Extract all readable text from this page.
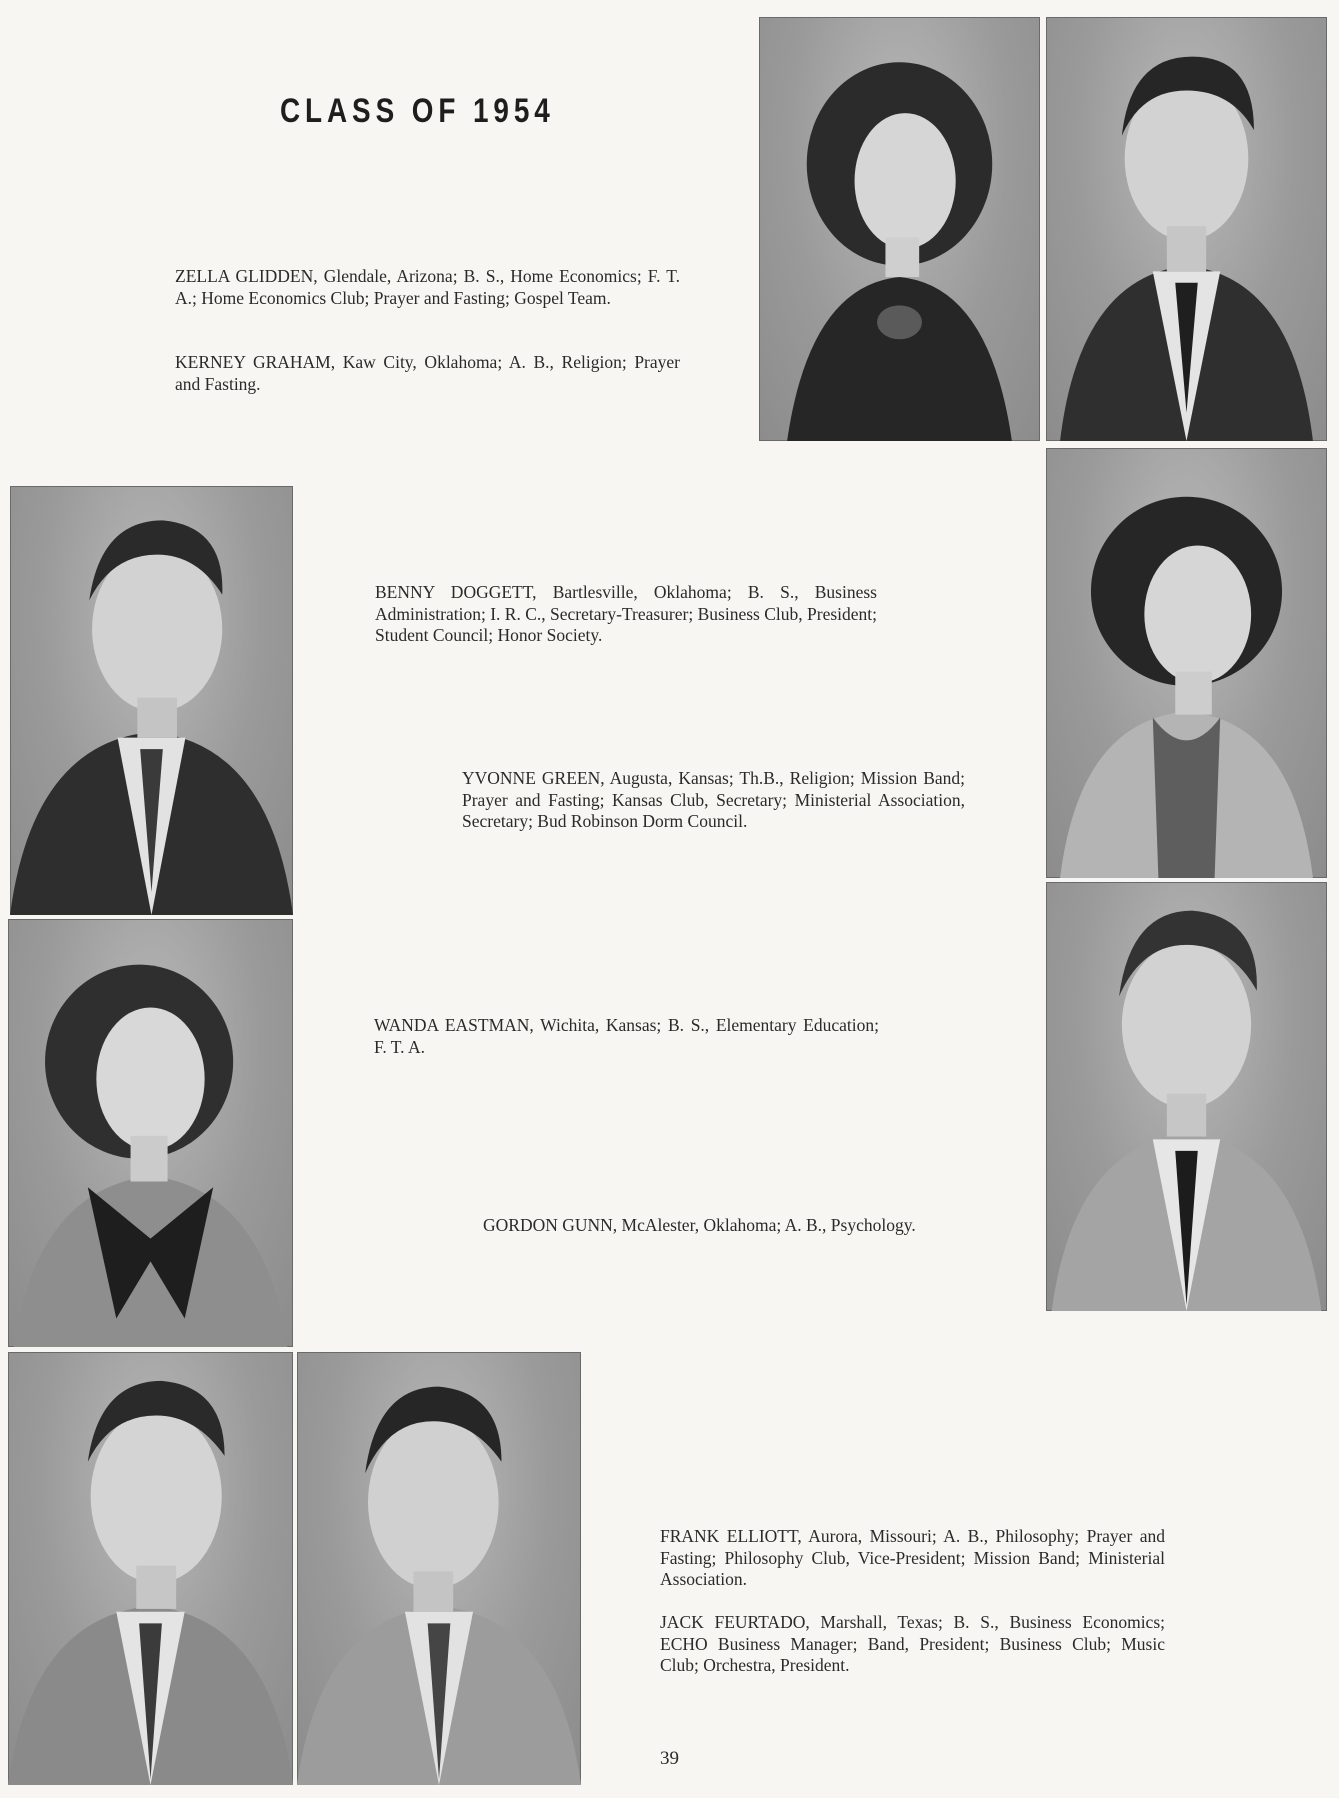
CLASS OF 1954

ZELLA GLIDDEN, Glendale, Arizona; B. S., Home Economics; F. T. A.; Home Economics Club; Prayer and Fasting; Gospel Team.

KERNEY GRAHAM, Kaw City, Oklahoma; A. B., Religion; Prayer and Fasting.

BENNY DOGGETT, Bartlesville, Oklahoma; B. S., Business Administration; I. R. C., Secretary-Treasurer; Business Club, President; Student Council; Honor Society.

YVONNE GREEN, Augusta, Kansas; Th.B., Religion; Mission Band; Prayer and Fasting; Kansas Club, Secretary; Ministerial Association, Secretary; Bud Robinson Dorm Council.

WANDA EASTMAN, Wichita, Kansas; B. S., Elementary Education; F. T. A.

GORDON GUNN, McAlester, Oklahoma; A. B., Psychology.

FRANK ELLIOTT, Aurora, Missouri; A. B., Philosophy; Prayer and Fasting; Philosophy Club, Vice-President; Mission Band; Ministerial Association.

JACK FEURTADO, Marshall, Texas; B. S., Business Economics; ECHO Business Manager; Band, President; Business Club; Music Club; Orchestra, President.

39
